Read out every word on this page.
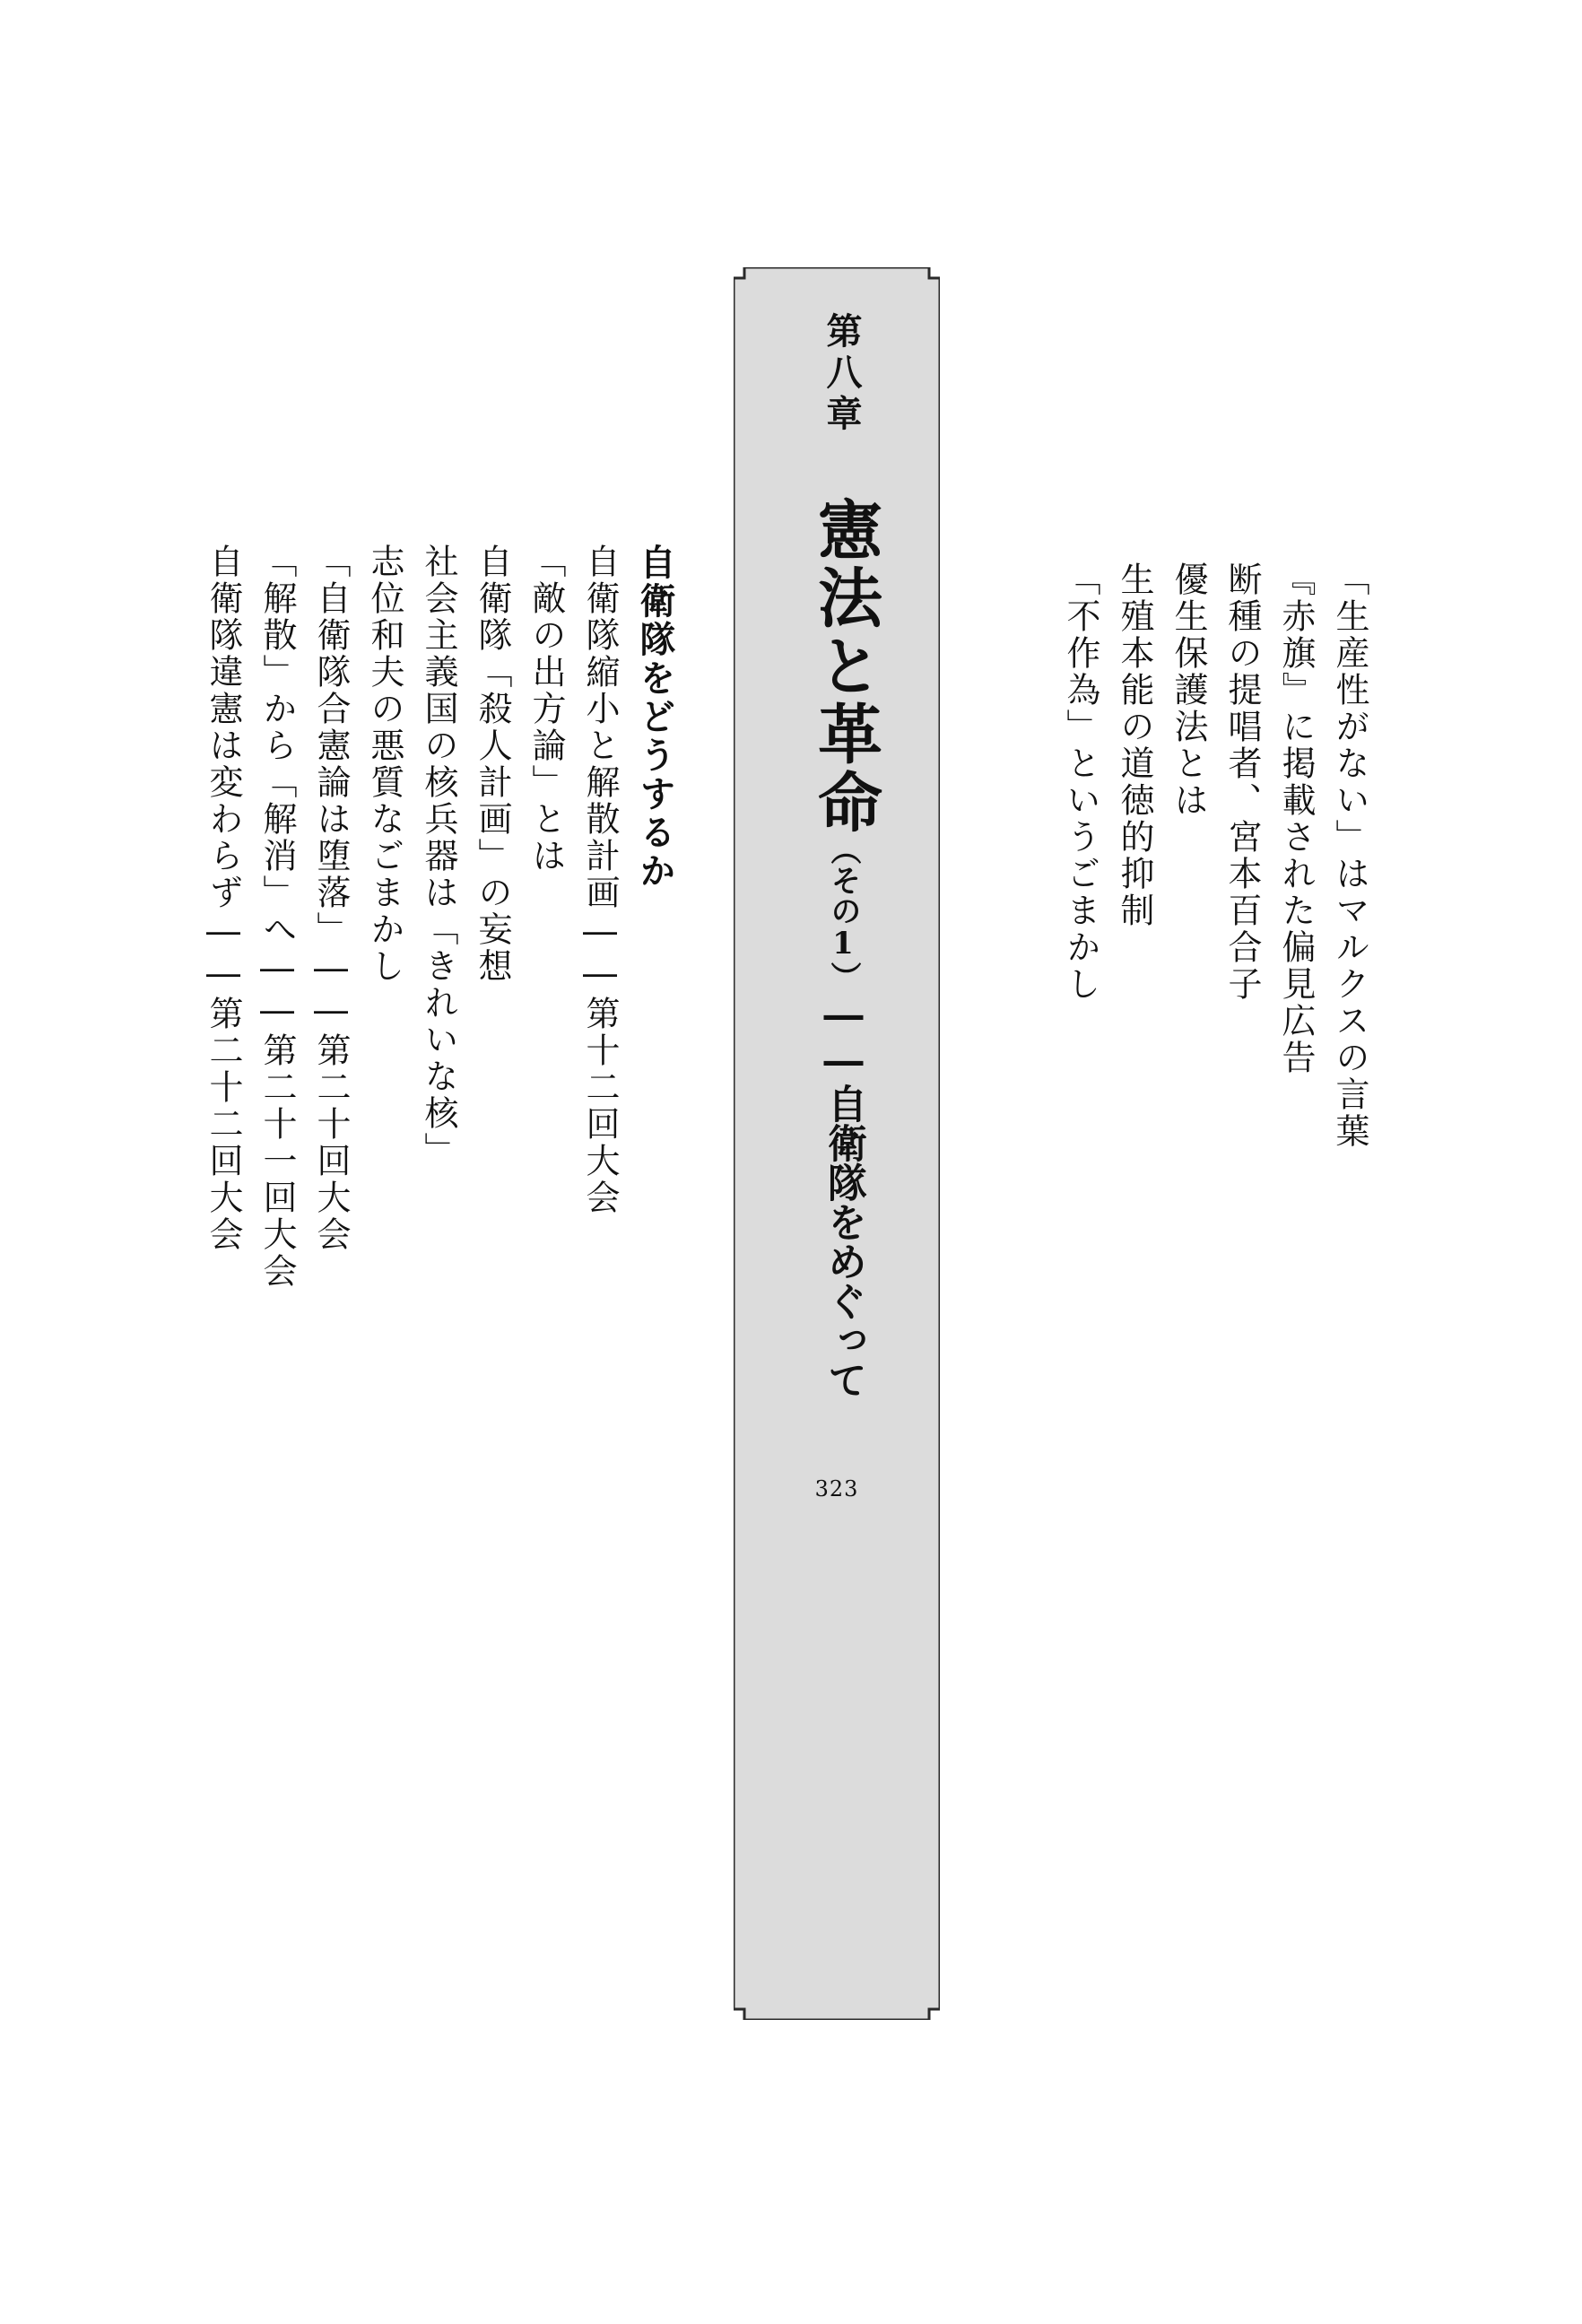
「生産性がない」はマルクスの言葉
『赤旗』に掲載された偏見広告
断種の提唱者、宮本百合子
優生保護法とは
生殖本能の道徳的抑制
「不作為」というごまかし
第八章
憲法と革命
（その1）――自衛隊をめぐって
323
自衛隊をどうするか
自衛隊縮小と解散計画――第十二回大会
「敵の出方論」とは
自衛隊「殺人計画」の妄想
社会主義国の核兵器は「きれいな核」
志位和夫の悪質なごまかし
「自衛隊合憲論は堕落」――第二十回大会
「解散」から「解消」へ――第二十一回大会
自衛隊違憲は変わらず――第二十二回大会
